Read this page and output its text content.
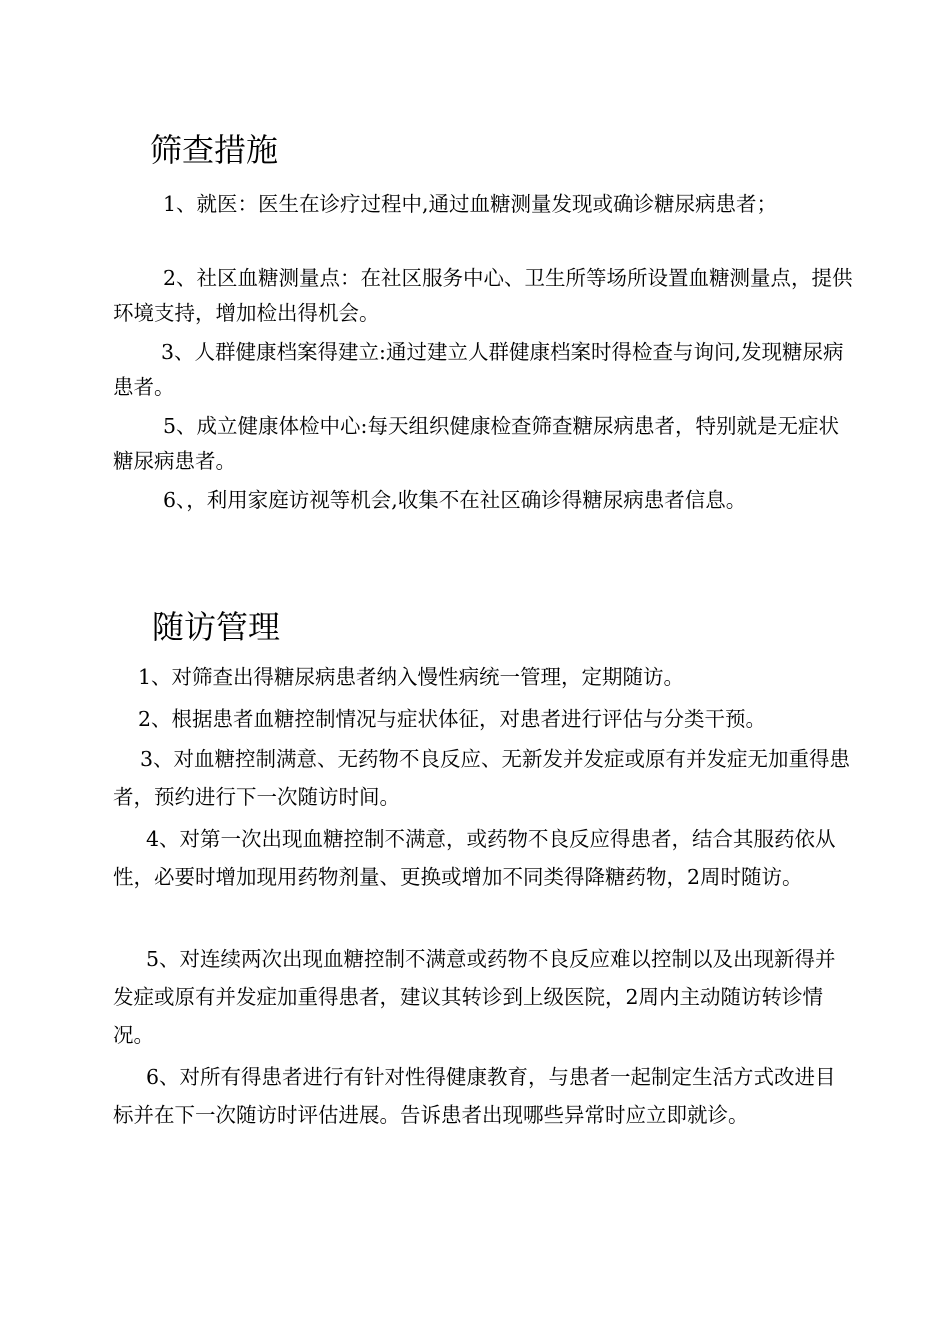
筛查措施

1、就医：医生在诊疗过程中,通过血糖测量发现或确诊糖尿病患者；

2、社区血糖测量点：在社区服务中心、卫生所等场所设置血糖测量点，提供环境支持，增加检出得机会。

3、人群健康档案得建立:通过建立人群健康档案时得检查与询问,发现糖尿病患者。

5、成立健康体检中心:每天组织健康检查筛查糖尿病患者，特别就是无症状糖尿病患者。

6、，利用家庭访视等机会,收集不在社区确诊得糖尿病患者信息。

随访管理

1、对筛查出得糖尿病患者纳入慢性病统一管理，定期随访。

2、根据患者血糖控制情况与症状体征，对患者进行评估与分类干预。

3、对血糖控制满意、无药物不良反应、无新发并发症或原有并发症无加重得患者，预约进行下一次随访时间。

4、对第一次出现血糖控制不满意，或药物不良反应得患者，结合其服药依从性，必要时增加现用药物剂量、更换或增加不同类得降糖药物，2周时随访。

5、对连续两次出现血糖控制不满意或药物不良反应难以控制以及出现新得并发症或原有并发症加重得患者，建议其转诊到上级医院，2周内主动随访转诊情况。

6、对所有得患者进行有针对性得健康教育，与患者一起制定生活方式改进目标并在下一次随访时评估进展。告诉患者出现哪些异常时应立即就诊。
